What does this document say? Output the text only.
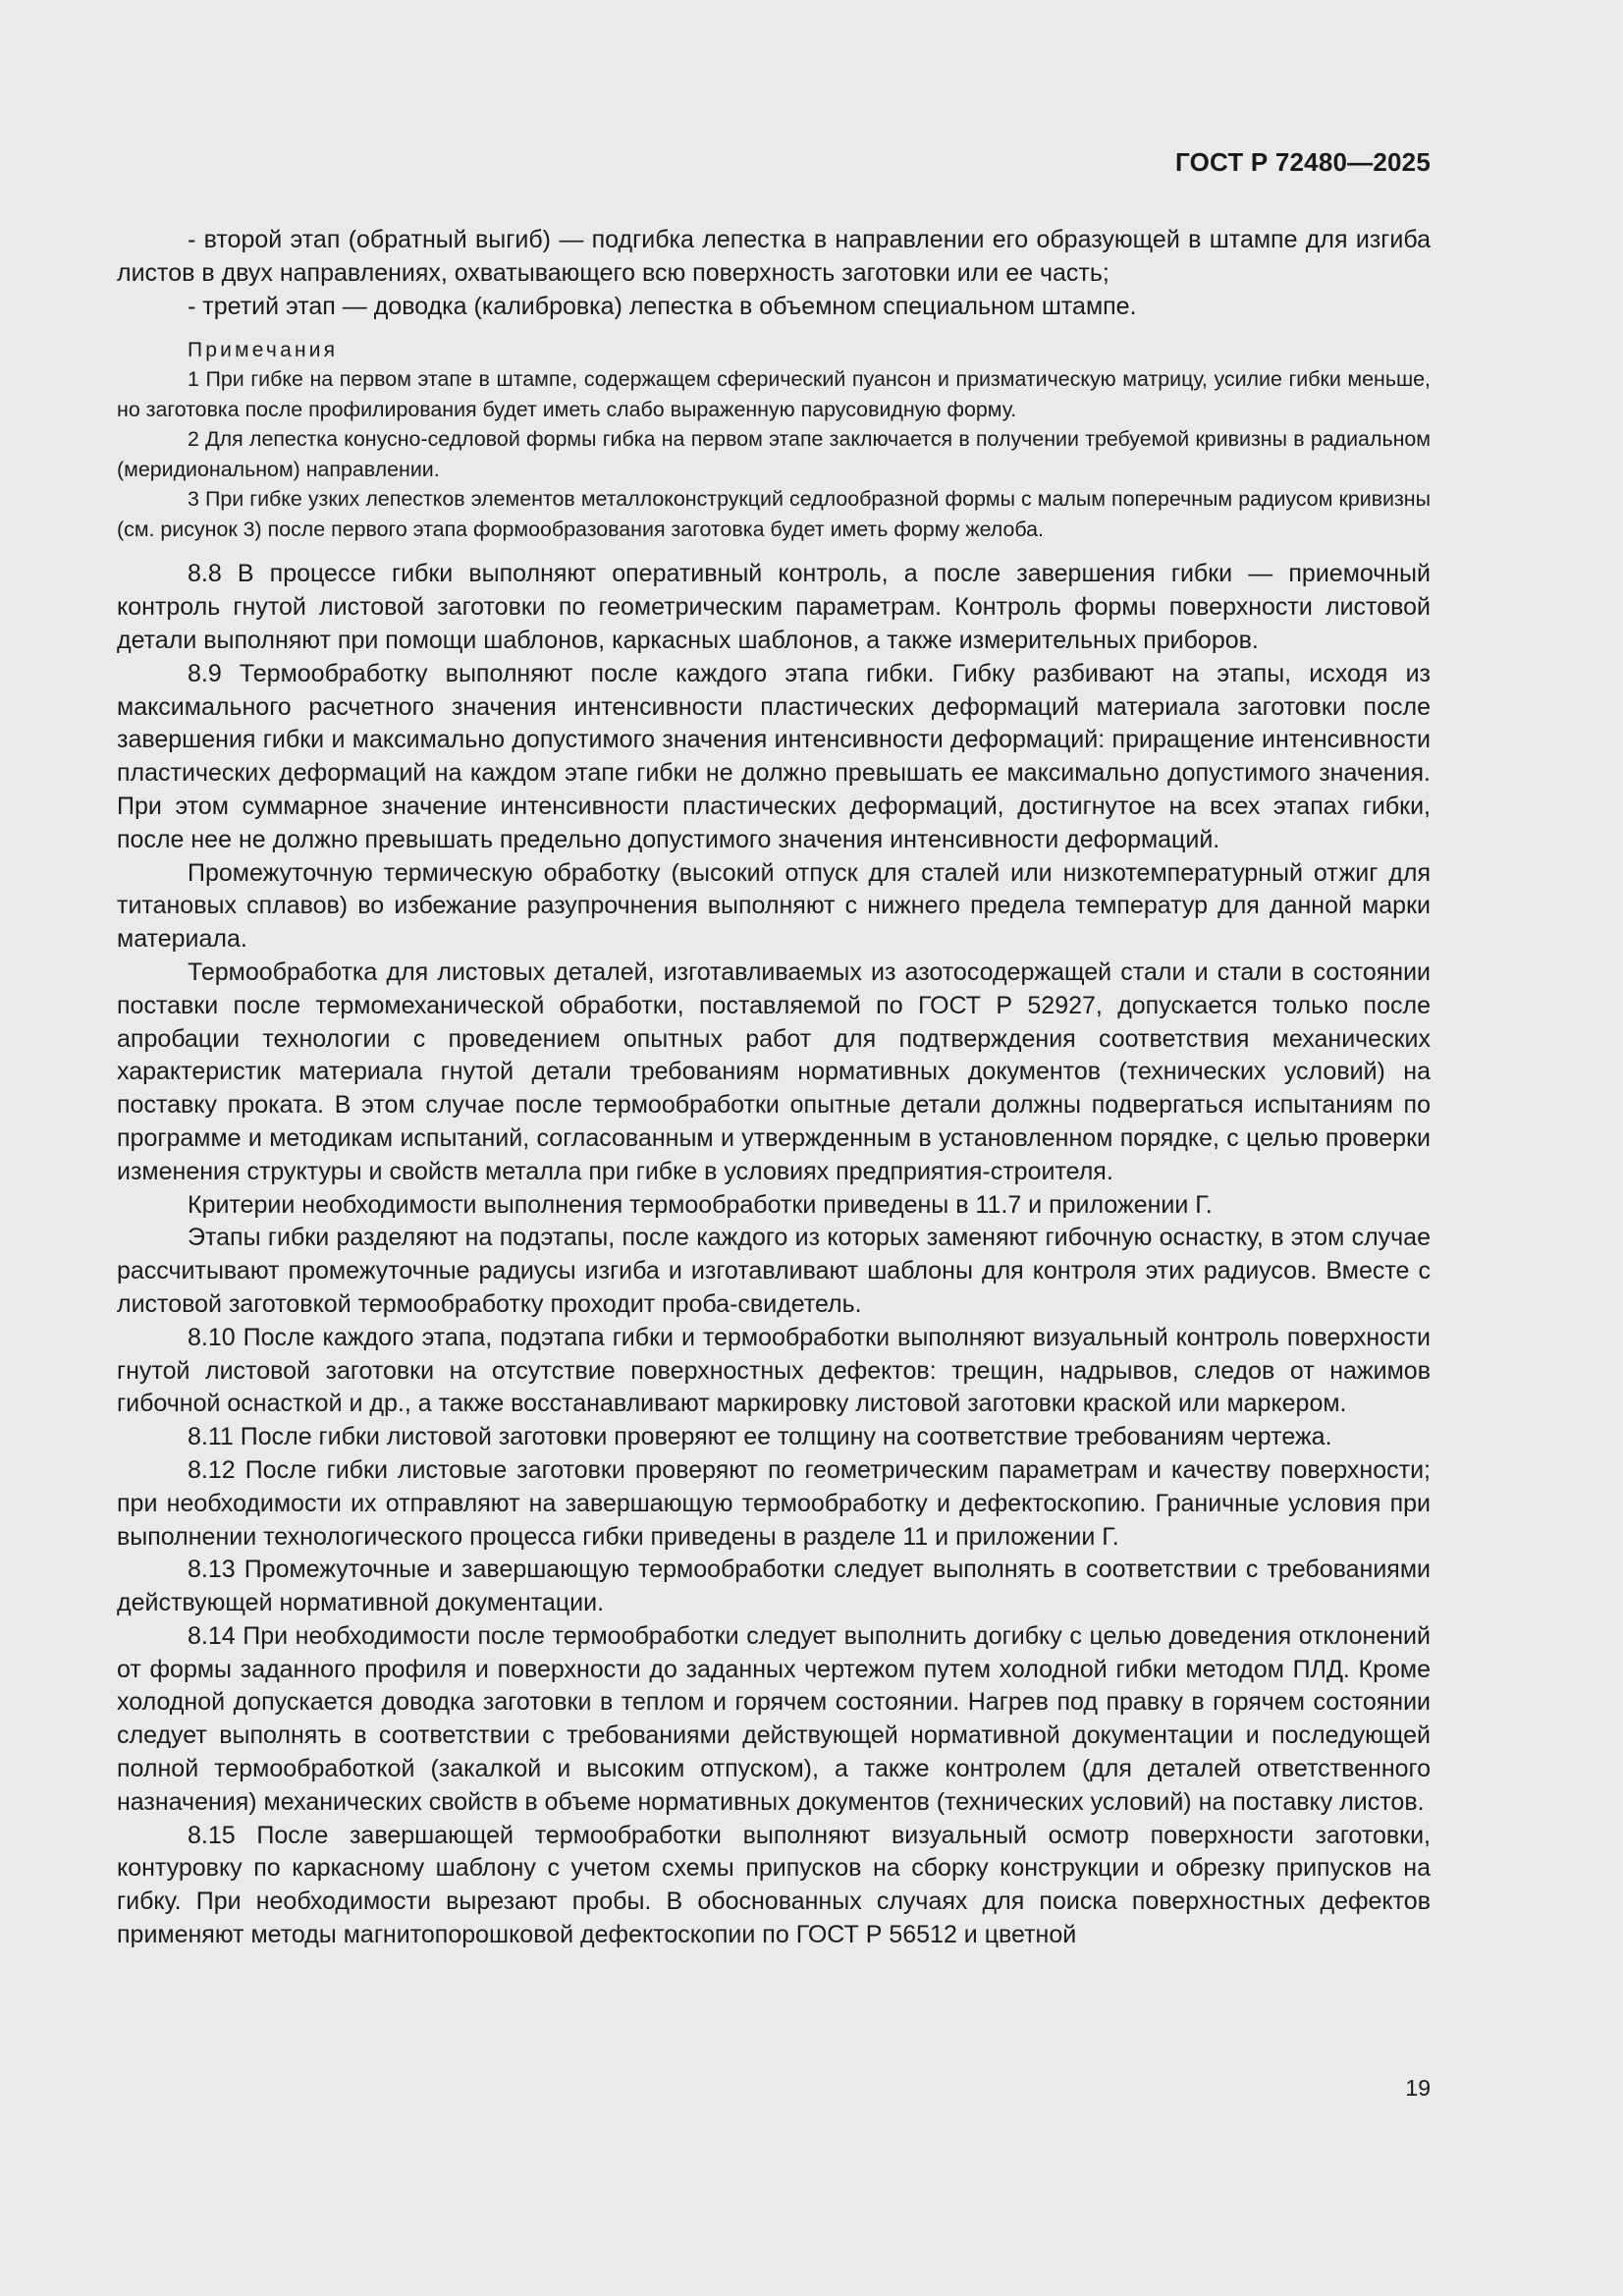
ГОСТ Р 72480—2025

- второй этап (обратный выгиб) — подгибка лепестка в направлении его образующей в штампе для изгиба листов в двух направлениях, охватывающего всю поверхность заготовки или ее часть;

- третий этап — доводка (калибровка) лепестка в объемном специальном штампе.

Примечания

1 При гибке на первом этапе в штампе, содержащем сферический пуансон и призматическую матрицу, усилие гибки меньше, но заготовка после профилирования будет иметь слабо выраженную парусовидную форму.

2 Для лепестка конусно-седловой формы гибка на первом этапе заключается в получении требуемой кривизны в радиальном (меридиональном) направлении.

3 При гибке узких лепестков элементов металлоконструкций седлообразной формы с малым поперечным радиусом кривизны (см. рисунок 3) после первого этапа формообразования заготовка будет иметь форму желоба.

8.8 В процессе гибки выполняют оперативный контроль, а после завершения гибки — приемочный контроль гнутой листовой заготовки по геометрическим параметрам. Контроль формы поверхности листовой детали выполняют при помощи шаблонов, каркасных шаблонов, а также измерительных приборов.

8.9 Термообработку выполняют после каждого этапа гибки. Гибку разбивают на этапы, исходя из максимального расчетного значения интенсивности пластических деформаций материала заготовки после завершения гибки и максимально допустимого значения интенсивности деформаций: приращение интенсивности пластических деформаций на каждом этапе гибки не должно превышать ее максимально допустимого значения. При этом суммарное значение интенсивности пластических деформаций, достигнутое на всех этапах гибки, после нее не должно превышать предельно допустимого значения интенсивности деформаций.

Промежуточную термическую обработку (высокий отпуск для сталей или низкотемпературный отжиг для титановых сплавов) во избежание разупрочнения выполняют с нижнего предела температур для данной марки материала.

Термообработка для листовых деталей, изготавливаемых из азотосодержащей стали и стали в состоянии поставки после термомеханической обработки, поставляемой по ГОСТ Р 52927, допускается только после апробации технологии с проведением опытных работ для подтверждения соответствия механических характеристик материала гнутой детали требованиям нормативных документов (технических условий) на поставку проката. В этом случае после термообработки опытные детали должны подвергаться испытаниям по программе и методикам испытаний, согласованным и утвержденным в установленном порядке, с целью проверки изменения структуры и свойств металла при гибке в условиях предприятия-строителя.

Критерии необходимости выполнения термообработки приведены в 11.7 и приложении Г.

Этапы гибки разделяют на подэтапы, после каждого из которых заменяют гибочную оснастку, в этом случае рассчитывают промежуточные радиусы изгиба и изготавливают шаблоны для контроля этих радиусов. Вместе с листовой заготовкой термообработку проходит проба-свидетель.

8.10 После каждого этапа, подэтапа гибки и термообработки выполняют визуальный контроль поверхности гнутой листовой заготовки на отсутствие поверхностных дефектов: трещин, надрывов, следов от нажимов гибочной оснасткой и др., а также восстанавливают маркировку листовой заготовки краской или маркером.

8.11 После гибки листовой заготовки проверяют ее толщину на соответствие требованиям чертежа.

8.12 После гибки листовые заготовки проверяют по геометрическим параметрам и качеству поверхности; при необходимости их отправляют на завершающую термообработку и дефектоскопию. Граничные условия при выполнении технологического процесса гибки приведены в разделе 11 и приложении Г.

8.13 Промежуточные и завершающую термообработки следует выполнять в соответствии с требованиями действующей нормативной документации.

8.14 При необходимости после термообработки следует выполнить догибку с целью доведения отклонений от формы заданного профиля и поверхности до заданных чертежом путем холодной гибки методом ПЛД. Кроме холодной допускается доводка заготовки в теплом и горячем состоянии. Нагрев под правку в горячем состоянии следует выполнять в соответствии с требованиями действующей нормативной документации и последующей полной термообработкой (закалкой и высоким отпуском), а также контролем (для деталей ответственного назначения) механических свойств в объеме нормативных документов (технических условий) на поставку листов.

8.15 После завершающей термообработки выполняют визуальный осмотр поверхности заготовки, контуровку по каркасному шаблону с учетом схемы припусков на сборку конструкции и обрезку припусков на гибку. При необходимости вырезают пробы. В обоснованных случаях для поиска поверхностных дефектов применяют методы магнитопорошковой дефектоскопии по ГОСТ Р 56512 и цветной

19
